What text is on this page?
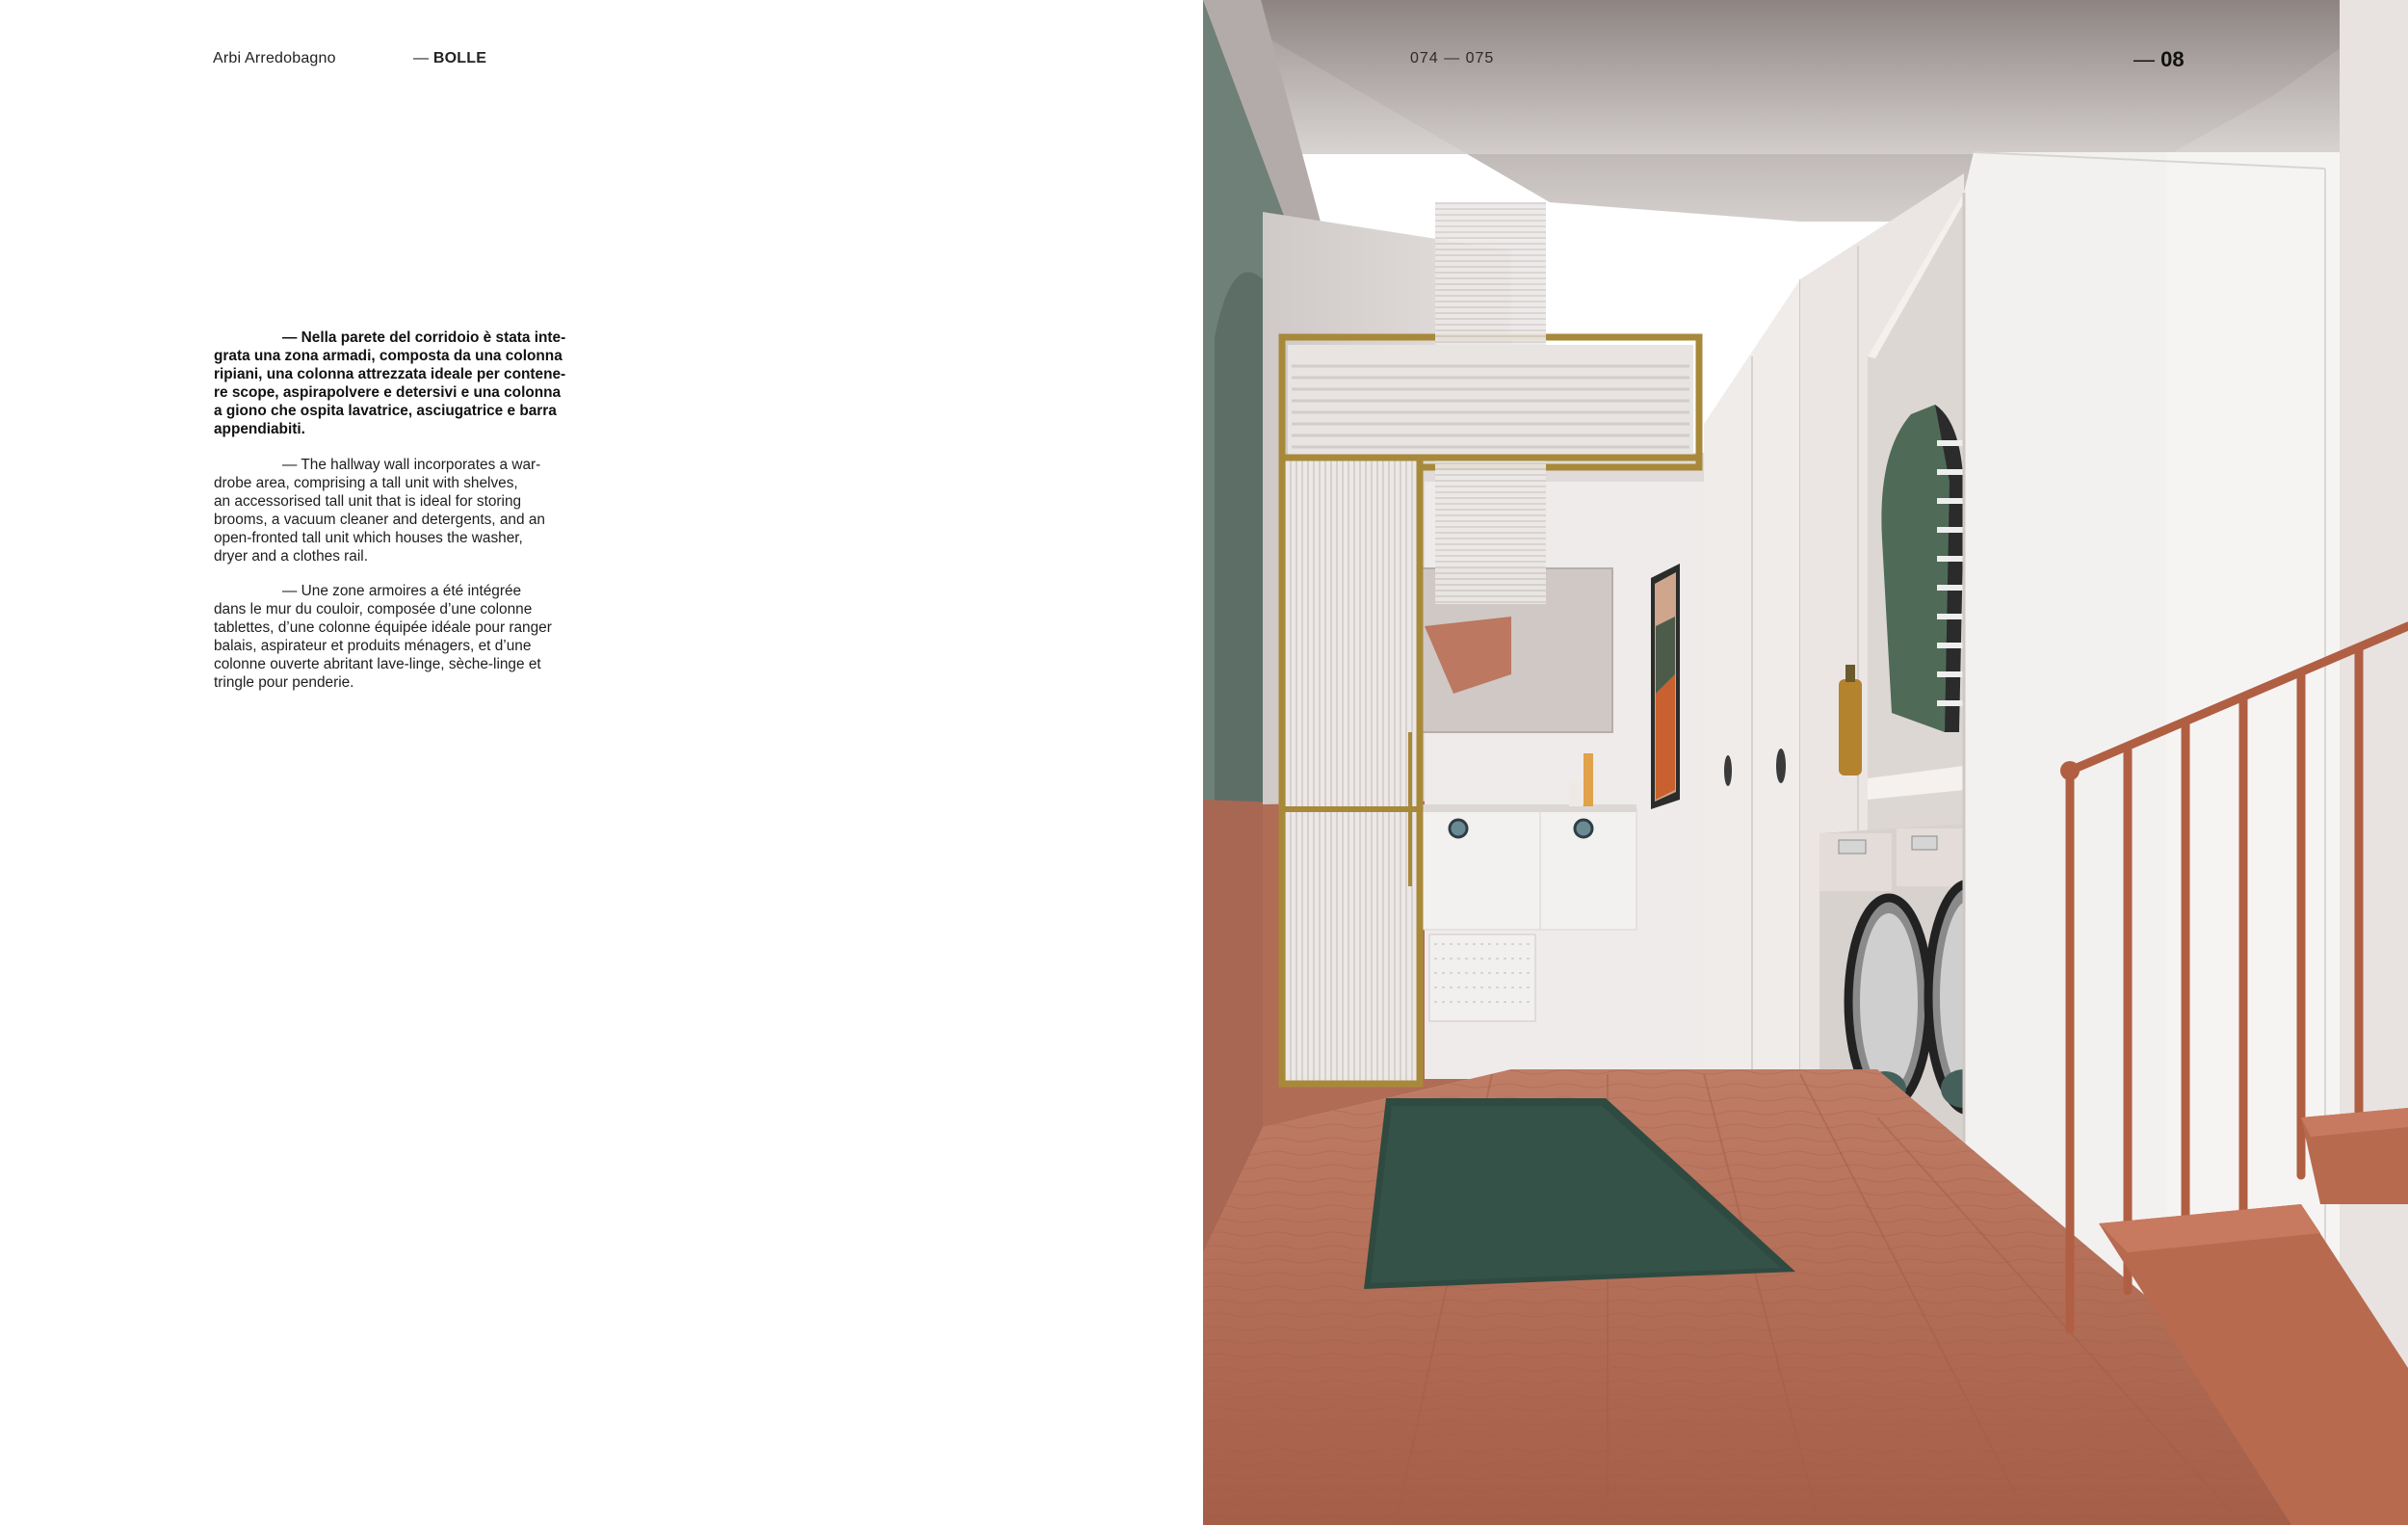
Arbi Arredobagno	— BOLLE
— Nella parete del corridoio è stata inte-
grata una zona armadi, composta da una colonna
ripiani, una colonna attrezzata ideale per contene-
re scope, aspirapolvere e detersivi e una colonna
a giono che ospita lavatrice, asciugatrice e barra
appendiabiti.
— The hallway wall incorporates a war-
drobe area, comprising a tall unit with shelves,
an accessorised tall unit that is ideal for storing
brooms, a vacuum cleaner and detergents, and an
open-fronted tall unit which houses the washer,
dryer and a clothes rail.
— Une zone armoires a été intégrée
dans le mur du couloir, composée d’une colonne
tablettes, d’une colonne équipée idéale pour ranger
balais, aspirateur et produits ménagers, et d’une
colonne ouverte abritant lave-linge, sèche-linge et
tringle pour penderie.
074 — 075	— 08
